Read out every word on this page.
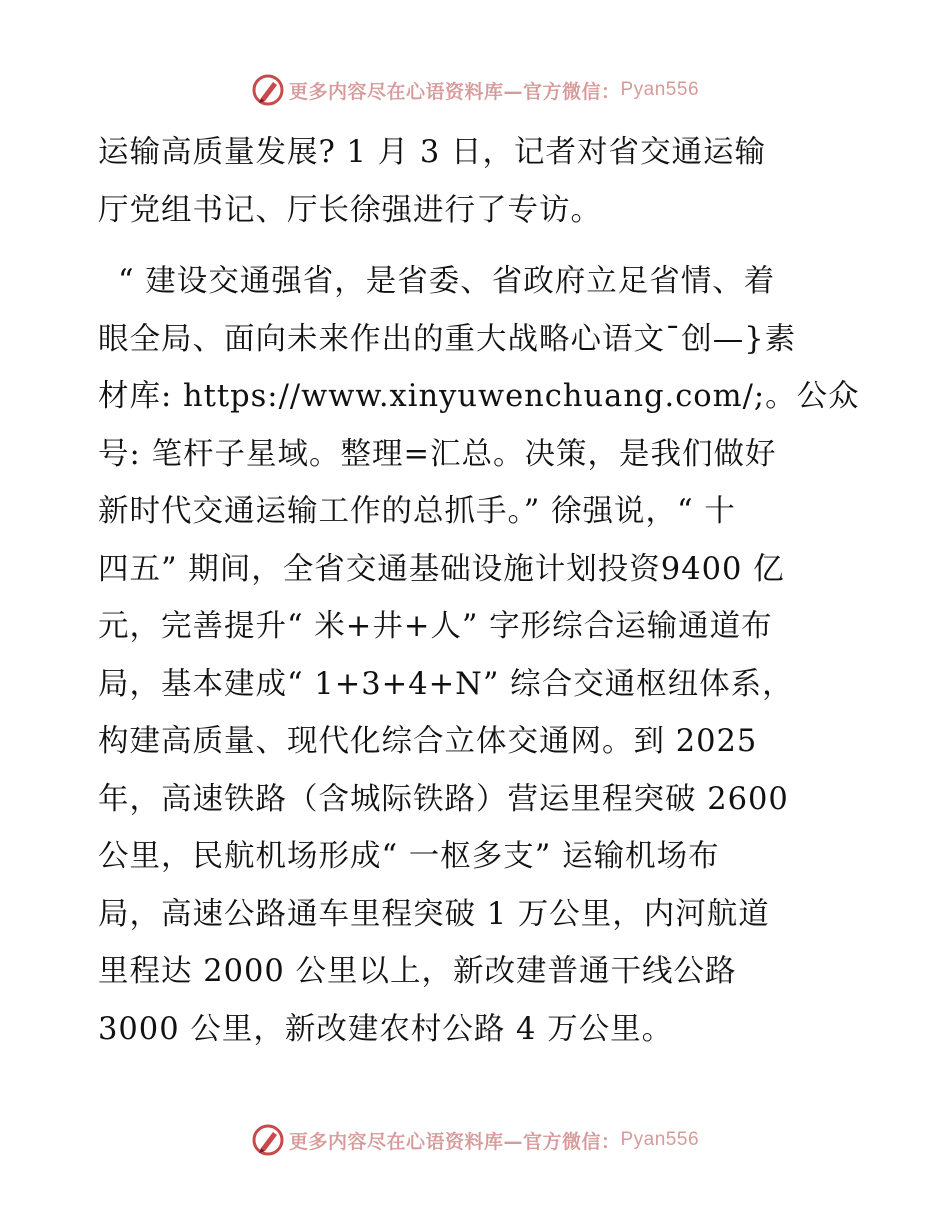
更多内容尽在心语资料库—官方微信： Pyan556
运输高质量发展? 1 月 3 日，记者对省交通运输
厅党组书记、厅长徐强进行了专访。
“ 建设交通强省，是省委、省政府立足省情、着
眼全局、面向未来作出的重大战略心语文¯创—}素
材库: https://www.xinyuwenchuang.com/;。公众
号: 笔杆子星域。整理=汇总。决策，是我们做好
新时代交通运输工作的总抓手。” 徐强说，“ 十
四五” 期间，全省交通基础设施计划投资9400 亿
元，完善提升“ 米+井+人” 字形综合运输通道布
局，基本建成“ 1+3+4+N” 综合交通枢纽体系，
构建高质量、现代化综合立体交通网。到 2025
年，高速铁路（含城际铁路）营运里程突破 2600
公里，民航机场形成“ 一枢多支” 运输机场布
局，高速公路通车里程突破 1 万公里，内河航道
里程达 2000 公里以上，新改建普通干线公路
3000 公里，新改建农村公路 4 万公里。
更多内容尽在心语资料库—官方微信： Pyan556
